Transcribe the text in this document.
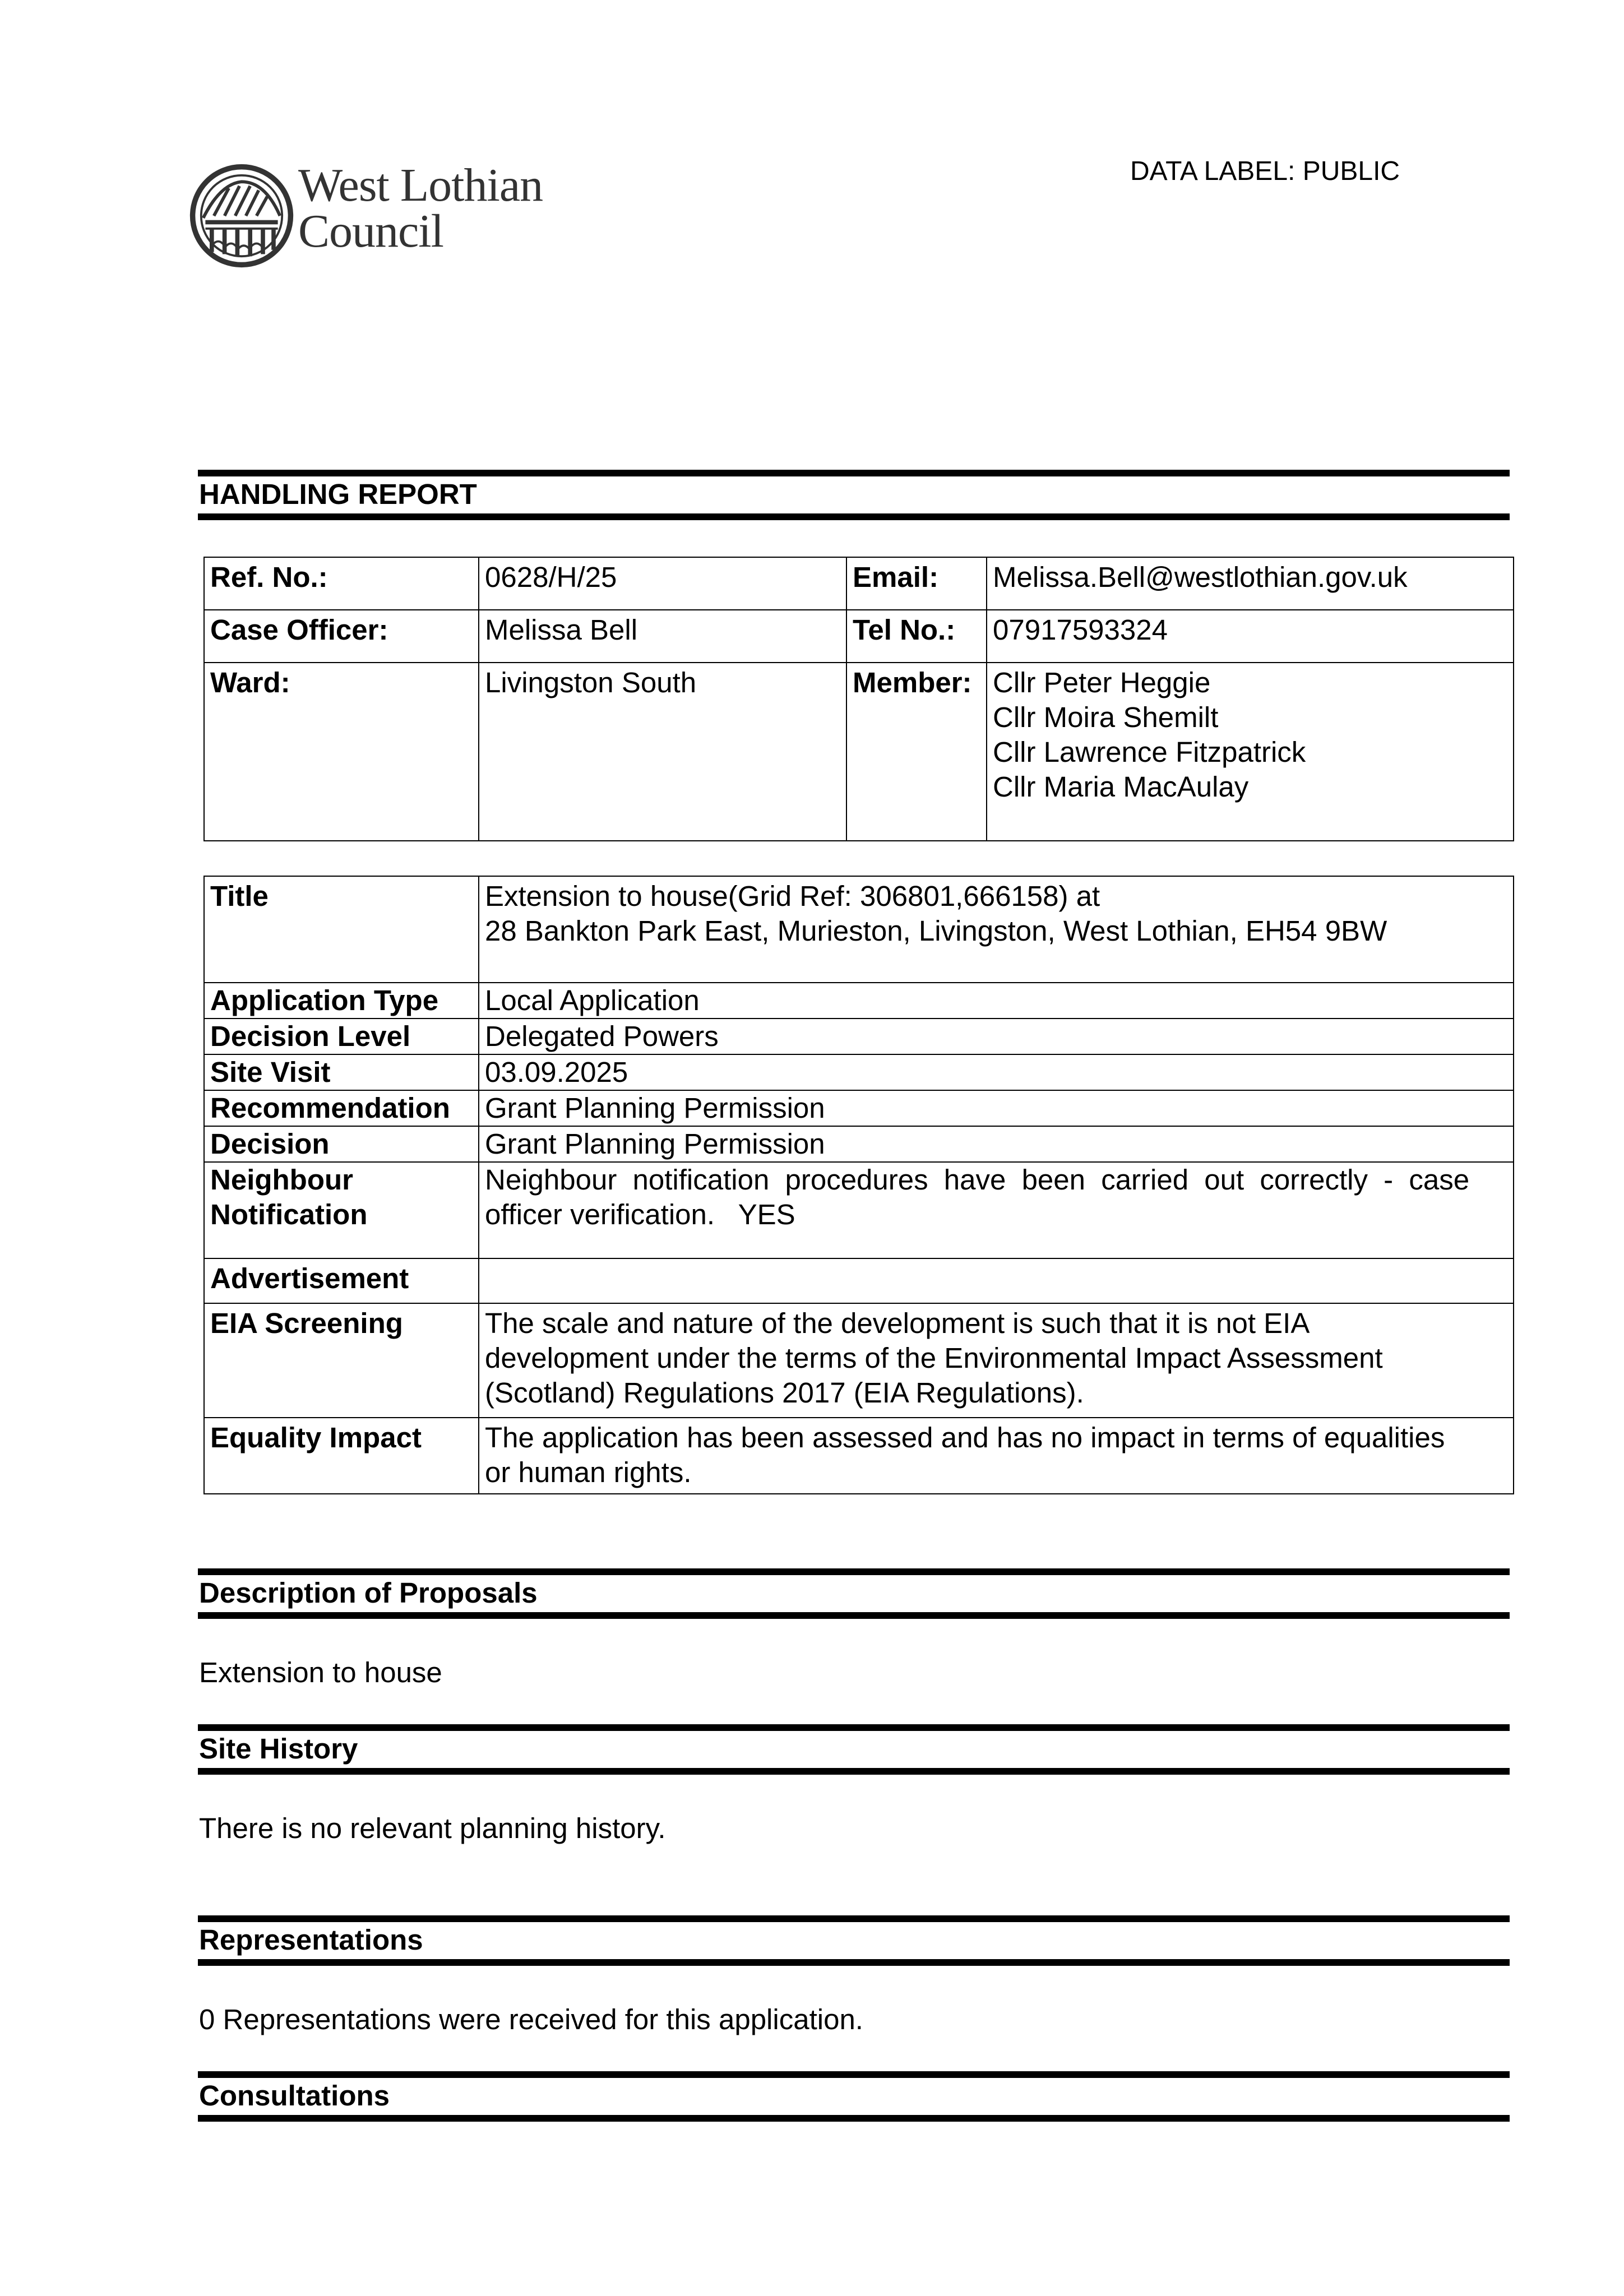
West Lothian
Council
DATA LABEL: PUBLIC
HANDLING REPORT
Ref. No.:	0628/H/25	Email:	Melissa.Bell@westlothian.gov.uk
Case Officer:	Melissa Bell	Tel No.:	07917593324
Ward:	Livingston South	Member:	Cllr Peter Heggie
Cllr Moira Shemilt
Cllr Lawrence Fitzpatrick
Cllr Maria MacAulay
Title	Extension to house(Grid Ref: 306801,666158) at
28 Bankton Park East, Murieston, Livingston, West Lothian, EH54 9BW

Application Type	Local Application
Decision Level	Delegated Powers
Site Visit	03.09.2025
Recommendation	Grant Planning Permission
Decision	Grant Planning Permission

Neighbour
Notification	Neighbour notification procedures have been carried out correctly - case
officer verification.   YES

Advertisement	
EIA Screening	The scale and nature of the development is such that it is not EIA
development under the terms of the Environmental Impact Assessment
(Scotland) Regulations 2017 (EIA Regulations).

Equality Impact	The application has been assessed and has no impact in terms of equalities
or human rights.
Description of Proposals
Extension to house
Site History
There is no relevant planning history.
Representations
0 Representations were received for this application.
Consultations
